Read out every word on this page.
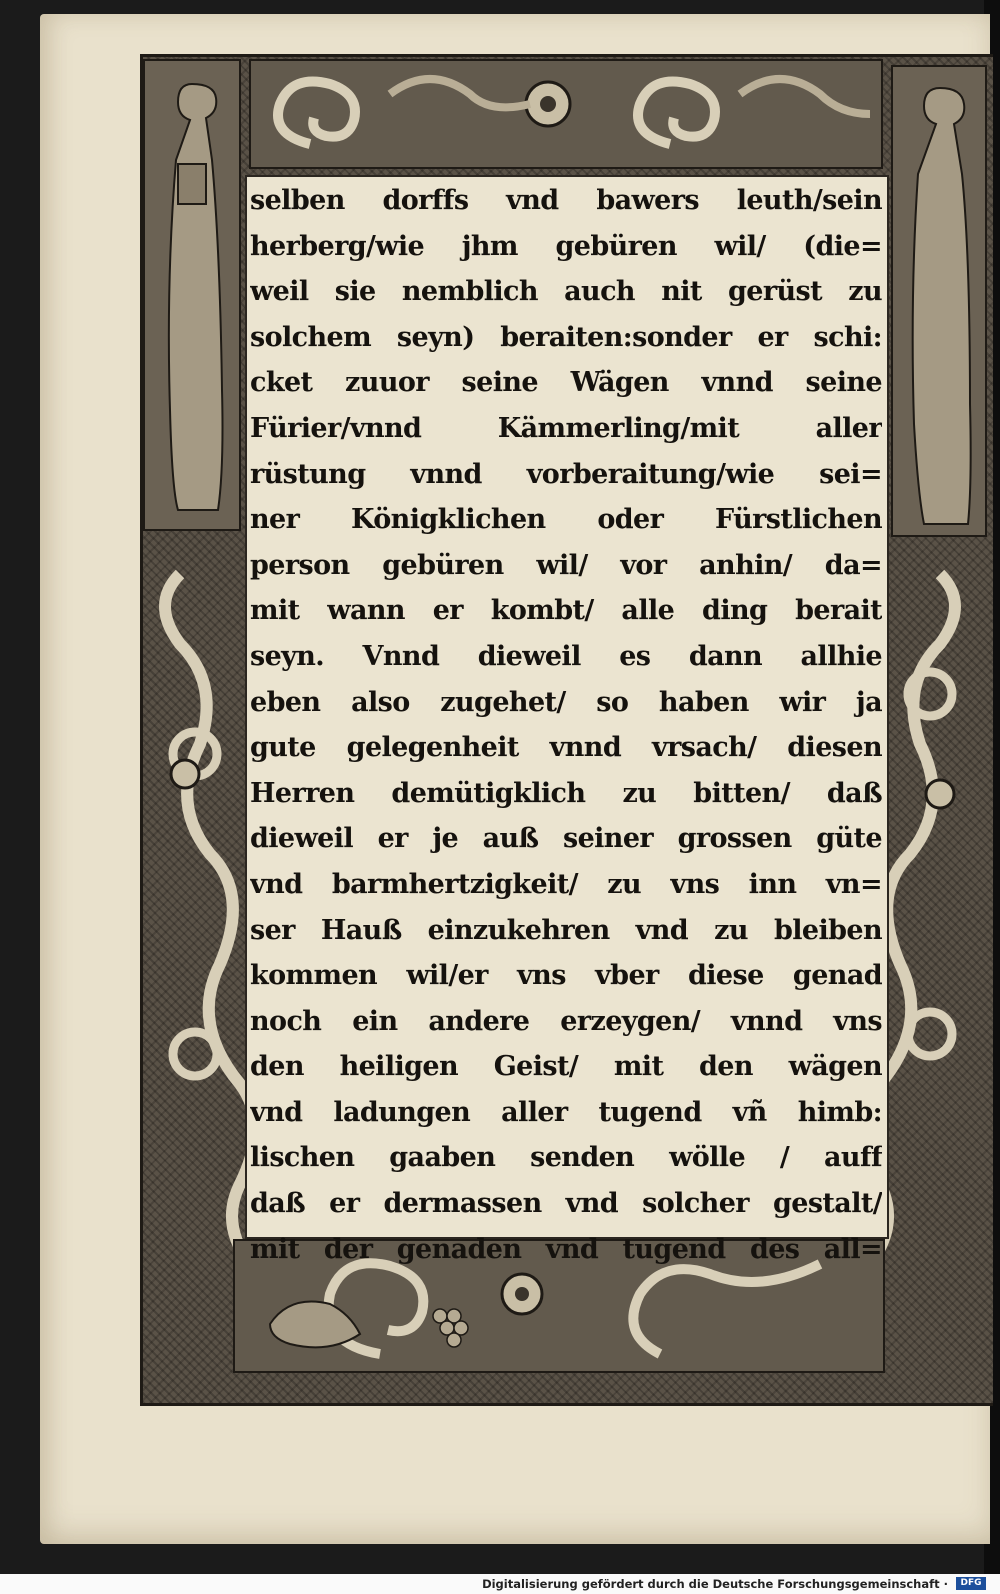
selben dorffs vnd bawers leuth/sein
herberg/wie jhm gebüren wil/ (die=
weil sie nemblich auch nit gerüst zu
solchem seyn) beraiten:sonder er schi:
cket zuuor seine Wägen vnnd seine
Fürier/vnnd Kämmerling/mit aller
rüstung vnnd vorberaitung/wie sei=
ner Königklichen oder Fürstlichen
person gebüren wil/ vor anhin/ da=
mit wann er kombt/ alle ding berait
seyn. Vnnd dieweil es dann allhie
eben also zugehet/ so haben wir ja
gute gelegenheit vnnd vrsach/ diesen
Herren demütigklich zu bitten/ daß
dieweil er je auß seiner grossen güte
vnd barmhertzigkeit/ zu vns inn vn=
ser Hauß einzukehren vnd zu bleiben
kommen wil/er vns vber diese genad
noch ein andere erzeygen/ vnnd vns
den heiligen Geist/ mit den wägen
vnd ladungen aller tugend vñ himb:
lischen gaaben senden wölle / auff
daß er dermassen vnd solcher gestalt/
mit der genaden vnd tugend des all=
Digitalisierung gefördert durch die Deutsche Forschungsgemeinschaft ·	DFG
